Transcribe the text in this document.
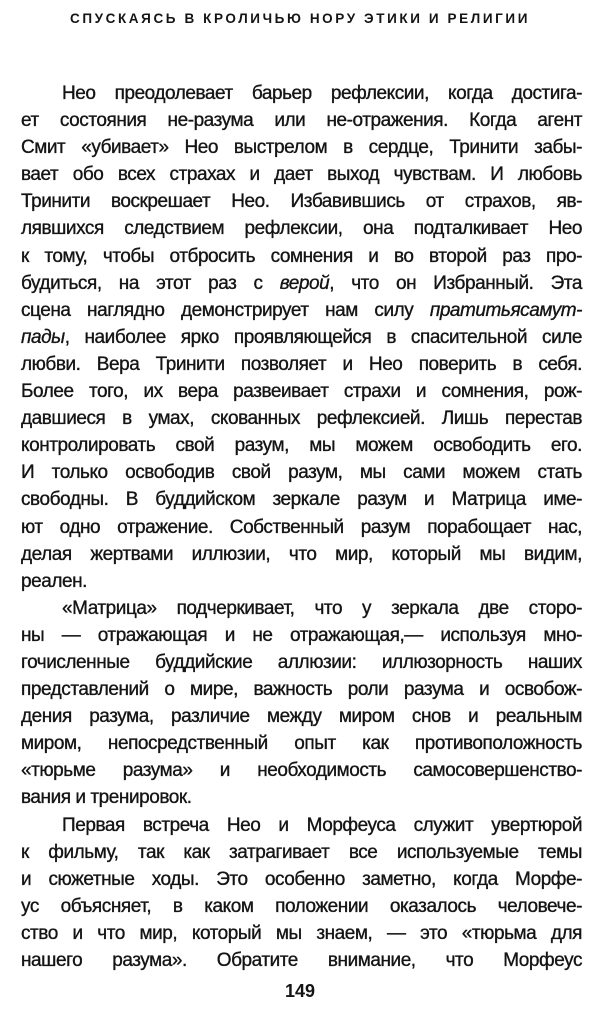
СПУСКАЯСЬ В КРОЛИЧЬЮ НОРУ ЭТИКИ И РЕЛИГИИ
Нео преодолевает барьер рефлексии, когда достига-
ет состояния не-разума или не-отражения. Когда агент
Смит «убивает» Нео выстрелом в сердце, Тринити забы-
вает обо всех страхах и дает выход чувствам. И любовь
Тринити воскрешает Нео. Избавившись от страхов, яв-
лявшихся следствием рефлексии, она подталкивает Нео
к тому, чтобы отбросить сомнения и во второй раз про-
будиться, на этот раз с верой, что он Избранный. Эта
сцена наглядно демонстрирует нам силу пратитьясамут-
пады, наиболее ярко проявляющейся в спасительной силе
любви. Вера Тринити позволяет и Нео поверить в себя.
Более того, их вера развеивает страхи и сомнения, рож-
давшиеся в умах, скованных рефлексией. Лишь перестав
контролировать свой разум, мы можем освободить его.
И только освободив свой разум, мы сами можем стать
свободны. В буддийском зеркале разум и Матрица име-
ют одно отражение. Собственный разум порабощает нас,
делая жертвами иллюзии, что мир, который мы видим,
реален.
«Матрица» подчеркивает, что у зеркала две сторо-
ны — отражающая и не отражающая,— используя мно-
гочисленные буддийские аллюзии: иллюзорность наших
представлений о мире, важность роли разума и освобож-
дения разума, различие между миром снов и реальным
миром, непосредственный опыт как противоположность
«тюрьме разума» и необходимость самосовершенство-
вания и тренировок.
Первая встреча Нео и Морфеуса служит увертюрой
к фильму, так как затрагивает все используемые темы
и сюжетные ходы. Это особенно заметно, когда Морфе-
ус объясняет, в каком положении оказалось человече-
ство и что мир, который мы знаем, — это «тюрьма для
нашего разума». Обратите внимание, что Морфеус
149
